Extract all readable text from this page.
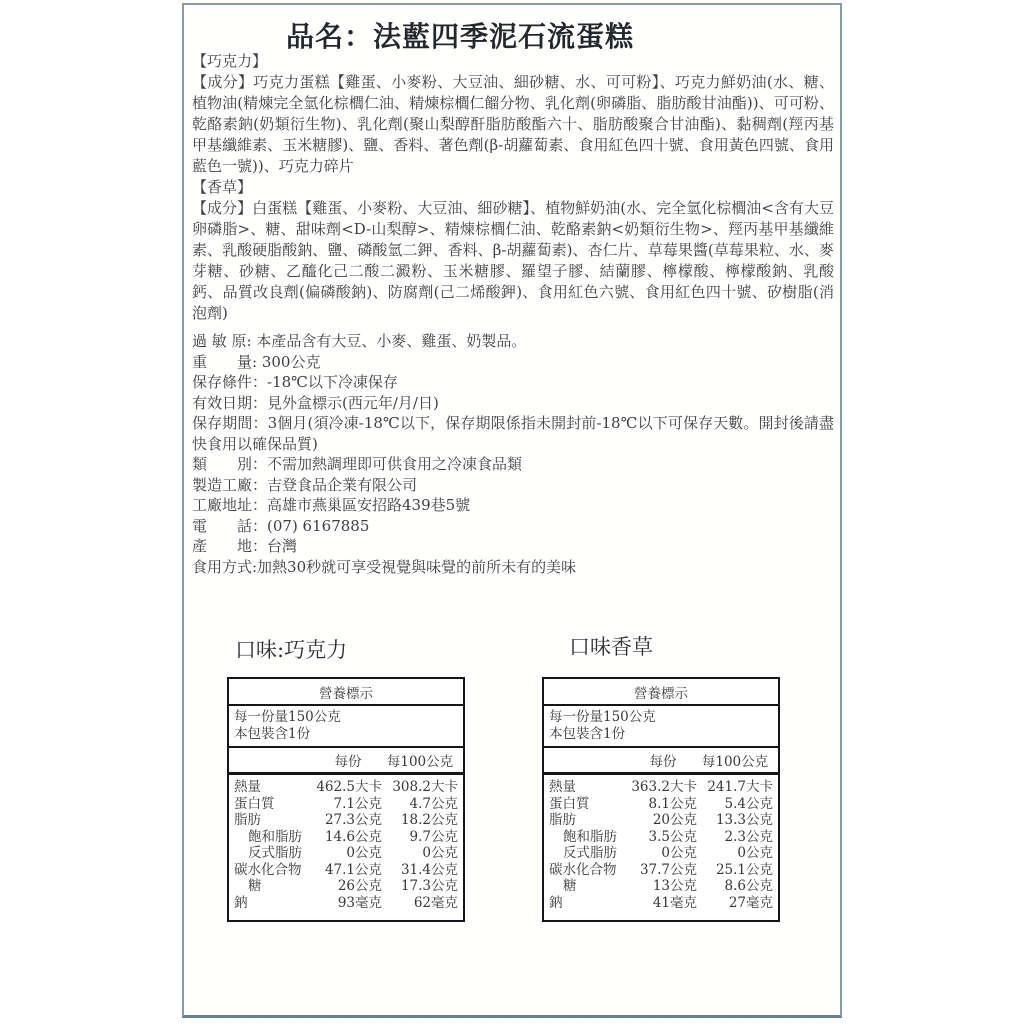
品名：法藍四季泥石流蛋糕
【巧克力】
【成分】巧克力蛋糕【雞蛋、小麥粉、大豆油、細砂糖、水、可可粉】、巧克力鮮奶油(水、糖、植物油(精煉完全氫化棕櫚仁油、精煉棕櫚仁餾分物、乳化劑(卵磷脂、脂肪酸甘油酯))、可可粉、乾酪素鈉(奶類衍生物)、乳化劑(聚山梨醇酐脂肪酸酯六十、脂肪酸聚合甘油酯)、黏稠劑(羥丙基甲基纖維素、玉米糖膠)、鹽、香料、著色劑(β-胡蘿蔔素、食用紅色四十號、食用黃色四號、食用藍色一號))、巧克力碎片
【香草】
【成分】白蛋糕【雞蛋、小麥粉、大豆油、細砂糖】、植物鮮奶油(水、完全氫化棕櫚油<含有大豆卵磷脂>、糖、甜味劑<D-山梨醇>、精煉棕櫚仁油、乾酪素鈉<奶類衍生物>、羥丙基甲基纖維素、乳酸硬脂酸鈉、鹽、磷酸氫二鉀、香料、β-胡蘿蔔素)、杏仁片、草莓果醬(草莓果粒、水、麥芽糖、砂糖、乙醯化己二酸二澱粉、玉米糖膠、羅望子膠、結蘭膠、檸檬酸、檸檬酸鈉、乳酸鈣、品質改良劑(偏磷酸鈉)、防腐劑(己二烯酸鉀)、食用紅色六號、食用紅色四十號、矽樹脂(消泡劑)
過 敏 原: 本產品含有大豆、小麥、雞蛋、奶製品。
重　　量: 300公克
保存條件：-18℃以下冷凍保存
有效日期：見外盒標示(西元年/月/日)
保存期間：3個月(須冷凍-18℃以下，保存期限係指未開封前-18℃以下可保存天數。開封後請盡快食用以確保品質)
類　　別：不需加熱調理即可供食用之冷凍食品類
製造工廠：吉登食品企業有限公司
工廠地址：高雄市燕巢區安招路439巷5號
電　　話：(07) 6167885
產　　地：台灣
食用方式:加熱30秒就可享受視覺與味覺的前所未有的美味
口味:巧克力	口味香草
營養標示
每一份量150公克
本包裝含1份
每份	每100公克
熱量	462.5大卡 308.2大卡
蛋白質	7.1公克	4.7公克
脂肪	27.3公克	18.2公克
飽和脂肪	14.6公克	9.7公克
反式脂肪	0公克	0公克
碳水化合物	47.1公克	31.4公克
糖	26公克	17.3公克
鈉	93毫克	62毫克
營養標示
每一份量150公克
本包裝含1份
每份	每100公克
熱量	363.2大卡 241.7大卡
蛋白質	8.1公克	5.4公克
脂肪	20公克	13.3公克
飽和脂肪	3.5公克	2.3公克
反式脂肪	0公克	0公克
碳水化合物	37.7公克	25.1公克
糖	13公克	8.6公克
鈉	41毫克	27毫克
